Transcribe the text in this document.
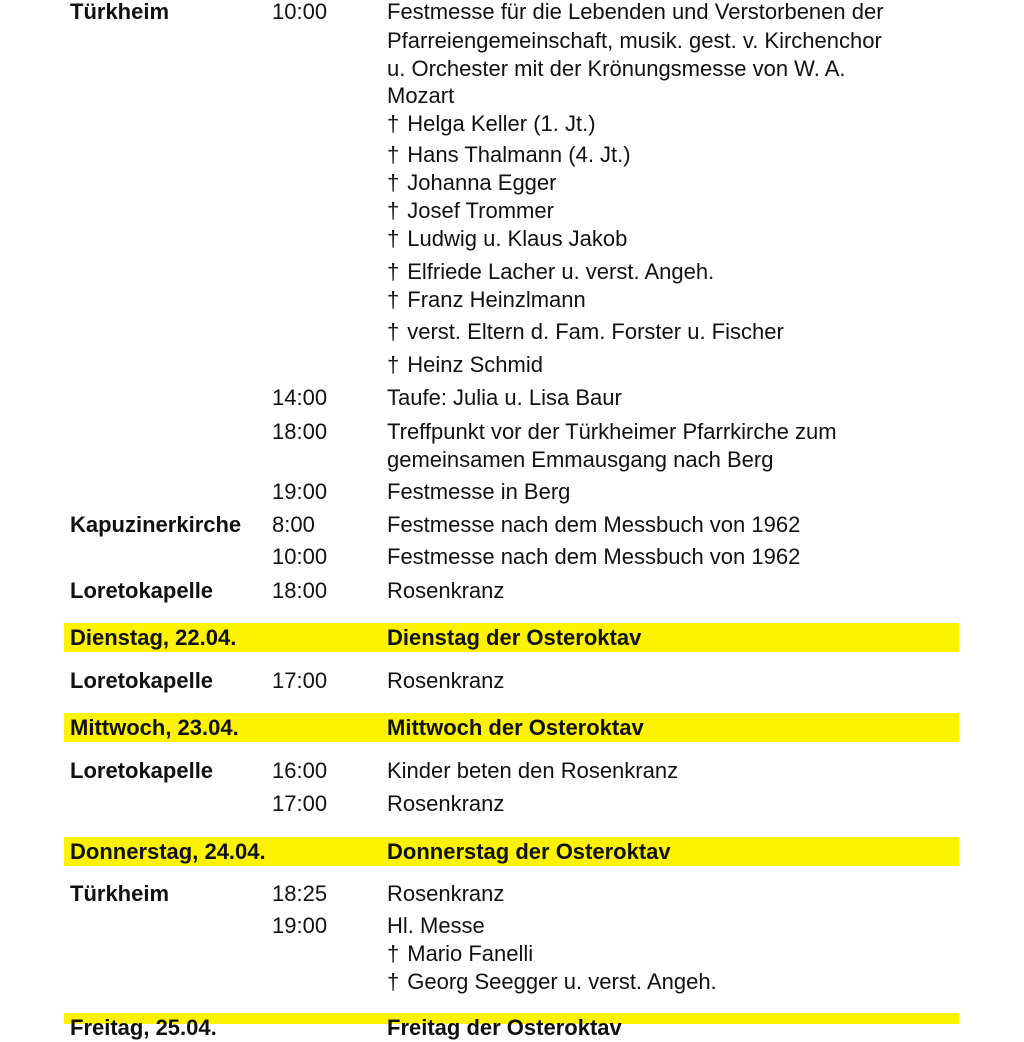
Türkheim	10:00	Festmesse für die Lebenden und Verstorbenen der
Pfarreiengemeinschaft, musik. gest. v. Kirchenchor
u. Orchester mit der Krönungsmesse von W. A.
Mozart
† Helga Keller (1. Jt.)
† Hans Thalmann (4. Jt.)
† Johanna Egger
† Josef Trommer
† Ludwig u. Klaus Jakob
† Elfriede Lacher u. verst. Angeh.
† Franz Heinzlmann
† verst. Eltern d. Fam. Forster u. Fischer
† Heinz Schmid
14:00	Taufe: Julia u. Lisa Baur
18:00	Treffpunkt vor der Türkheimer Pfarrkirche zum
gemeinsamen Emmausgang nach Berg
19:00	Festmesse in Berg
Kapuzinerkirche 8:00	Festmesse nach dem Messbuch von 1962
10:00	Festmesse nach dem Messbuch von 1962
Loretokapelle	18:00	Rosenkranz
Dienstag, 22.04.	Dienstag der Osteroktav
Loretokapelle	17:00	Rosenkranz
Mittwoch, 23.04.	Mittwoch der Osteroktav
Loretokapelle	16:00	Kinder beten den Rosenkranz
17:00	Rosenkranz
Donnerstag, 24.04.	Donnerstag der Osteroktav
Türkheim	18:25	Rosenkranz
19:00	Hl. Messe
† Mario Fanelli
† Georg Seegger u. verst. Angeh.
Freitag, 25.04.	Freitag der Osteroktav
